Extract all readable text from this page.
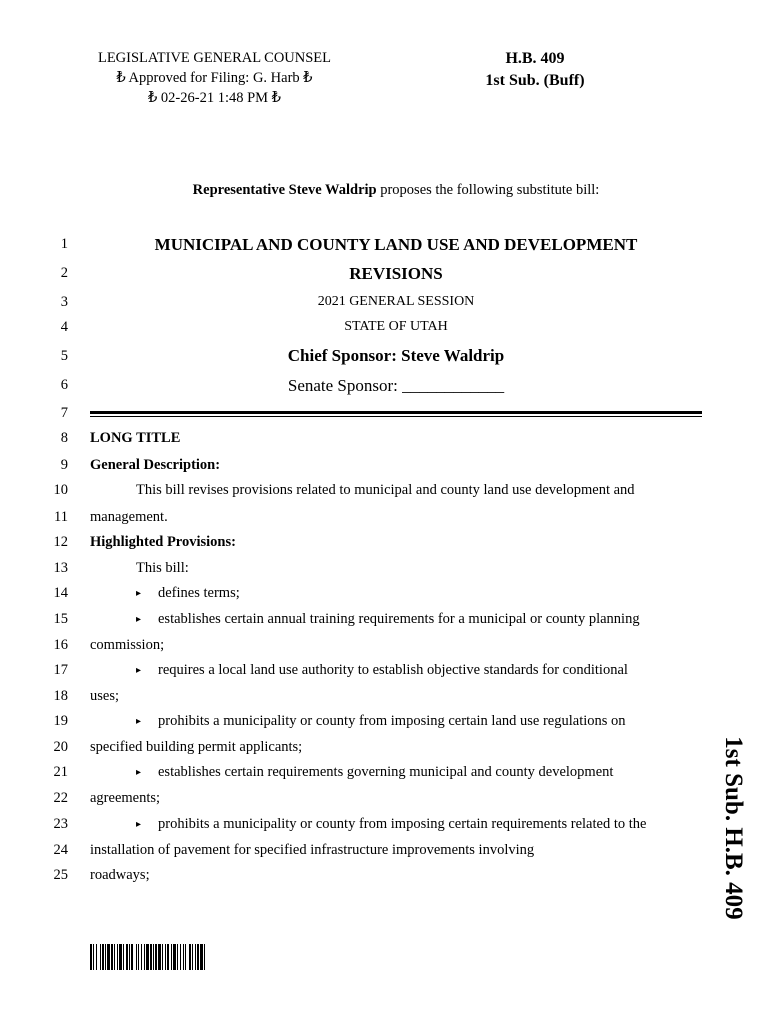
LEGISLATIVE GENERAL COUNSEL
₺ Approved for Filing: G. Harb ₺
₺ 02-26-21 1:48 PM ₺
H.B. 409
1st Sub. (Buff)
Representative Steve Waldrip proposes the following substitute bill:
1
2
3
4
5
6
7
8
9
10
11
12
13
14
15
16
17
18
19
20
21
22
23
24
25
MUNICIPAL AND COUNTY LAND USE AND DEVELOPMENT
REVISIONS
2021 GENERAL SESSION
STATE OF UTAH
Chief Sponsor: Steve Waldrip
Senate Sponsor: ____________
LONG TITLE
General Description:
This bill revises provisions related to municipal and county land use development and
management.
Highlighted Provisions:
This bill:
▸ defines terms;
▸ establishes certain annual training requirements for a municipal or county planning
commission;
▸ requires a local land use authority to establish objective standards for conditional
uses;
▸ prohibits a municipality or county from imposing certain land use regulations on
specified building permit applicants;
▸ establishes certain requirements governing municipal and county development
agreements;
▸ prohibits a municipality or county from imposing certain requirements related to the
installation of pavement for specified infrastructure improvements involving
roadways;	1st Sub. H.B. 409
